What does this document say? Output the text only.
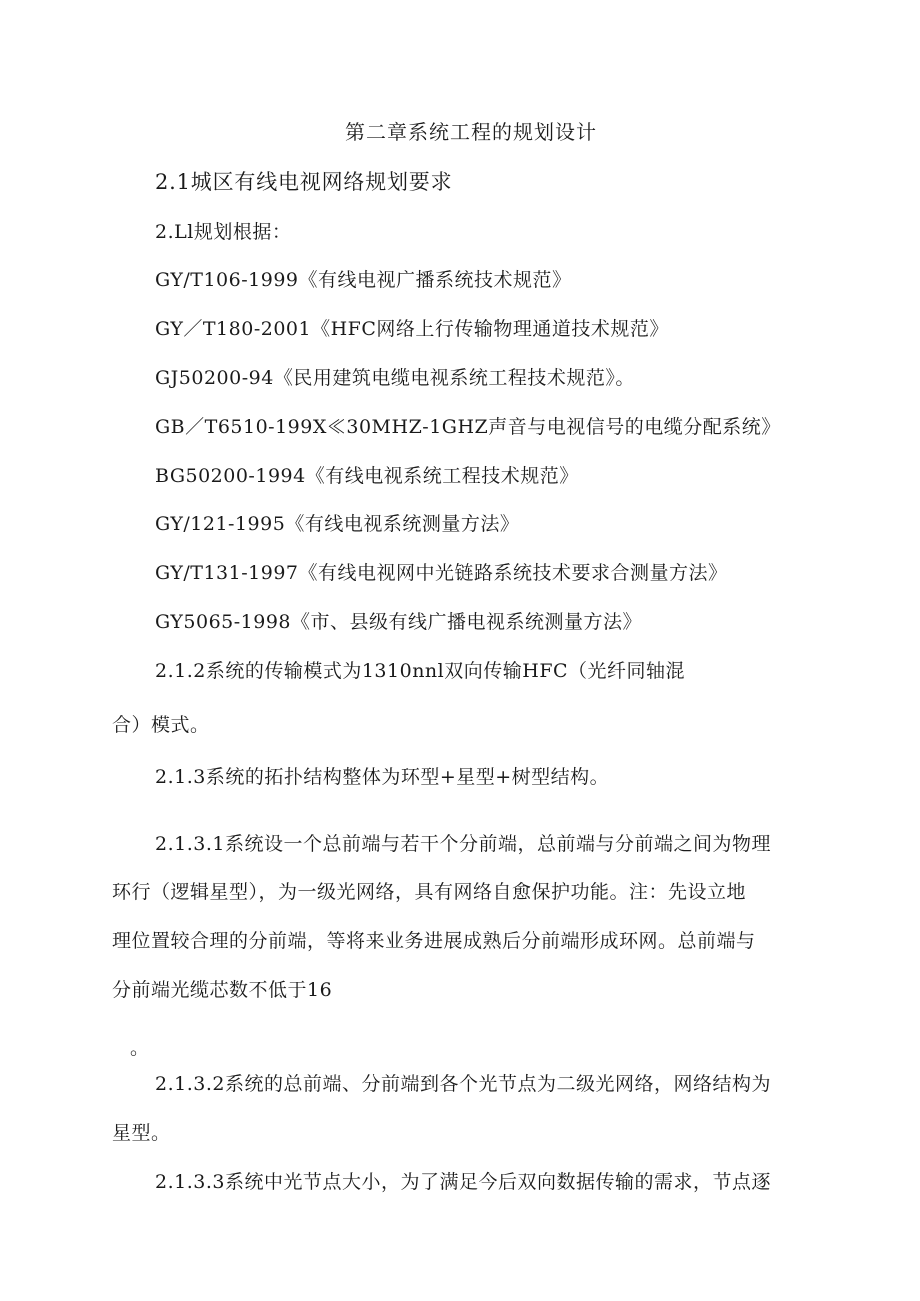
第二章系统工程的规划设计
2.1城区有线电视网络规划要求
2.Ll规划根据：
GY/T106-1999《有线电视广播系统技术规范》
GY／T180-2001《HFC网络上行传输物理通道技术规范》
GJ50200-94《民用建筑电缆电视系统工程技术规范》。
GB／T6510-199X≪30MHZ-1GHZ声音与电视信号的电缆分配系统》
BG50200-1994《有线电视系统工程技术规范》
GY/121-1995《有线电视系统测量方法》
GY/T131-1997《有线电视网中光链路系统技术要求合测量方法》
GY5065-1998《市、县级有线广播电视系统测量方法》
2.1.2系统的传输模式为1310nnl双向传输HFC（光纤同轴混
合）模式。
2.1.3系统的拓扑结构整体为环型+星型+树型结构。
2.1.3.1系统设一个总前端与若干个分前端，总前端与分前端之间为物理
环行（逻辑星型），为一级光网络，具有网络自愈保护功能。注：先设立地
理位置较合理的分前端，等将来业务进展成熟后分前端形成环网。总前端与
分前端光缆芯数不低于16
。
2.1.3.2系统的总前端、分前端到各个光节点为二级光网络，网络结构为
星型。
2.1.3.3系统中光节点大小，为了满足今后双向数据传输的需求，节点逐
